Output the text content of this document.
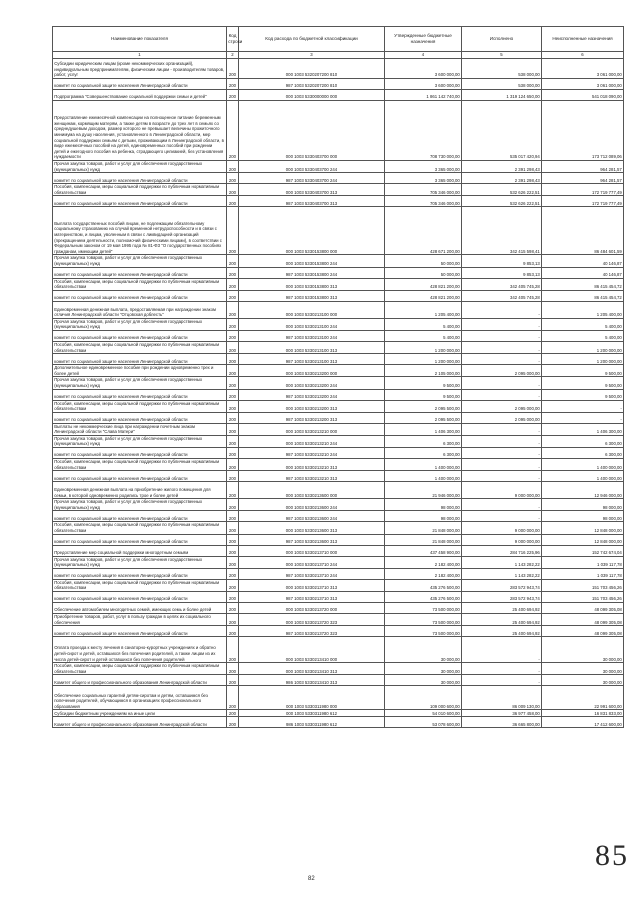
Наименование показателя	Код строки	Код расхода по бюджетной классификации	Утвержденные бюджетные назначения	Исполнено	Неисполненные назначения
1	2	3	4	5	6
Субсидии юридическим лицам (кроме некоммерческих организаций), индивидуальным предпринимателям, физическим лицам - производителям товаров, работ, услуг	200	000 1003 5320207200 810	3 600 000,00	538 000,00	3 061 000,00
комитет по социальной защите населения Ленинградской области	200	987 1003 5320207200 810	3 600 000,00	538 000,00	3 061 000,00
Подпрограмма "Совершенствование социальной поддержки семьи и детей"	200	000 1003 5330000000 000	1 861 142 740,00	1 319 124 650,00	541 018 090,00
Предоставление ежемесячной компенсации на полноценное питание беременным женщинам, кормящим матерям, а также детям в возрасте до трех лет в семьях со среднедушевым доходом, размер которого не превышает величины прожиточного минимума на душу населения, установленного в Ленинградской области, мер социальной поддержки семьям с детьми, проживающим в Ленинградской области, в виде ежемесячных пособий на детей, единовременных пособий при рождении детей и ежегодного пособия на ребенка, страдающего целиакией, без установления нуждаемости	200	000 1003 5330403700 000	708 730 000,00	535 017 420,94	173 712 089,06
Прочая закупка товаров, работ и услуг для обеспечения государственных (муниципальных) нужд	200	000 1003 5330403700 244	3 365 000,00	2 391 298,43	964 281,57
комитет по социальной защите населения Ленинградской области	200	987 1003 5330403700 244	3 365 000,00	2 391 298,43	964 281,57
Пособия, компенсации, меры социальной поддержки по публичным нормативным обязательствам	200	000 1003 5330403700 313	705 346 000,00	532 626 222,51	172 719 777,49
комитет по социальной защите населения Ленинградской области	200	987 1003 5330403700 313	705 346 000,00	532 626 222,51	172 719 777,49
Выплата государственных пособий лицам, не подлежащим обязательному социальному страхованию на случай временной нетрудоспособности и в связи с материнством, и лицам, уволенным в связи с ликвидацией организаций (прекращением деятельности, полномочий физическими лицами), в соответствии с Федеральным законом от 19 мая 1995 года № 81-ФЗ "О государственных пособиях гражданам, имеющим детей"	200	000 1003 5330153800 000	428 671 200,00	342 415 598,41	86 484 601,59
Прочая закупка товаров, работ и услуг для обеспечения государственных (муниципальных) нужд	200	000 1003 5330153800 244	50 000,00	9 853,13	40 146,87
комитет по социальной защите населения Ленинградской области	200	987 1003 5330153800 244	50 000,00	9 853,13	40 146,87
Пособия, компенсации, меры социальной поддержки по публичным нормативным обязательствам	200	000 1003 5330153800 313	428 821 200,00	342 405 745,28	86 415 454,72
комитет по социальной защите населения Ленинградской области	200	987 1003 5330153800 313	428 821 200,00	342 405 745,28	86 415 454,72
Единовременная денежная выплата, предоставляемая при награждении знаком отличия Ленинградской области "Отцовская доблесть"	200	000 1003 5330213100 000	1 205 400,00	-	1 205 400,00
Прочая закупка товаров, работ и услуг для обеспечения государственных (муниципальных) нужд	200	000 1003 5330213100 244	5 400,00	-	5 400,00
комитет по социальной защите населения Ленинградской области	200	987 1003 5330213100 244	5 400,00	-	5 400,00
Пособия, компенсации, меры социальной поддержки по публичным нормативным обязательствам	200	000 1003 5330213100 313	1 200 000,00	-	1 200 000,00
комитет по социальной защите населения Ленинградской области	200	987 1003 5330213100 313	1 200 000,00	-	1 200 000,00
Дополнительное единовременное пособие при рождении одновременно трех и более детей	200	000 1003 5330213200 000	2 105 000,00	2 095 000,00	9 500,00
Прочая закупка товаров, работ и услуг для обеспечения государственных (муниципальных) нужд	200	000 1003 5330213200 244	9 500,00	-	9 500,00
комитет по социальной защите населения Ленинградской области	200	987 1003 5330213200 244	9 500,00	-	9 500,00
Пособия, компенсации, меры социальной поддержки по публичным нормативным обязательствам	200	000 1003 5330213200 313	2 095 500,00	2 095 000,00	-
комитет по социальной защите населения Ленинградской области	200	987 1003 5330213200 313	2 095 500,00	2 095 000,00	-
Выплаты не некоммерческие лица при награждении почетным знаком Ленинградской области "Слава Матери"	200	000 1003 5330213210 000	1 406 300,00	-	1 406 300,00
Прочая закупка товаров, работ и услуг для обеспечения государственных (муниципальных) нужд	200	000 1003 5330213210 244	6 300,00	-	6 300,00
комитет по социальной защите населения Ленинградской области	200	987 1003 5330213210 244	6 300,00	-	6 300,00
Пособия, компенсации, меры социальной поддержки по публичным нормативным обязательствам	200	000 1003 5330213210 313	1 400 000,00	-	1 400 000,00
комитет по социальной защите населения Ленинградской области	200	987 1003 5330213210 313	1 400 000,00	-	1 400 000,00
Единовременная денежная выплата на приобретение жилого помещения для семьи, в которой одновременно родились трое и более детей	200	000 1003 5330213600 000	21 946 000,00	9 000 000,00	12 946 000,00
Прочая закупка товаров, работ и услуг для обеспечения государственных (муниципальных) нужд	200	000 1003 5330213600 244	98 000,00	-	98 000,00
комитет по социальной защите населения Ленинградской области	200	987 1003 5330213600 244	98 000,00	-	98 000,00
Пособия, компенсации, меры социальной поддержки по публичным нормативным обязательствам	200	000 1003 5330213600 313	21 848 000,00	9 000 000,00	12 848 000,00
комитет по социальной защите населения Ленинградской области	200	987 1003 5330213600 313	21 848 000,00	9 000 000,00	12 848 000,00
Предоставление мер социальной поддержки многодетным семьям	200	000 1003 5330213710 000	437 458 900,00	284 716 225,96	152 742 674,04
Прочая закупка товаров, работ и услуг для обеспечения государственных (муниципальных) нужд	200	000 1003 5330213710 244	2 182 400,00	1 143 282,22	1 039 117,78
комитет по социальной защите населения Ленинградской области	200	987 1003 5330213710 244	2 182 400,00	1 143 282,22	1 039 117,78
Пособия, компенсации, меры социальной поддержки по публичным нормативным обязательствам	200	000 1003 5330213710 313	435 276 500,00	283 572 943,74	151 703 456,26
комитет по социальной защите населения Ленинградской области	200	987 1003 5330213710 313	435 276 500,00	283 572 943,74	151 703 456,26
Обеспечение автомобилем многодетных семей, имеющих семь и более детей	200	000 1003 5330213720 000	73 500 000,00	25 400 694,92	48 099 305,08
Приобретение товаров, работ, услуг в пользу граждан в целях их социального обеспечения	200	000 1003 5330213720 323	73 500 000,00	25 400 694,92	48 099 305,08
комитет по социальной защите населения Ленинградской области	200	987 1003 5330213720 323	73 500 000,00	25 400 694,92	48 099 305,08
Оплата проезда к месту лечения в санаторно-курортных учреждениях и обратно детей-сирот и детей, оставшихся без попечения родителей, а также лицам из их числа детей-сирот и детей оставшихся без попечения родителей	200	000 1003 5330213410 000	30 000,00	-	30 000,00
Пособия, компенсации, меры социальной поддержки по публичным нормативным обязательствам	200	000 1003 5330213410 313	30 000,00	-	30 000,00
Комитет общего и профессионального образования Ленинградской области	200	986 1003 5330213410 313	30 000,00	-	30 000,00
Обеспечение социальных гарантий детям-сиротам и детям, оставшимся без попечения родителей, обучающимся в организациях профессионального образования	200	000 1003 5330311980 000	109 000 600,00	86 009 130,00	22 991 600,00
Субсидии бюджетным учреждениям на иные цели	200	000 1003 5330311980 612	54 010 600,00	36 977 458,00	16 831 833,00
Комитет общего и профессионального образования Ленинградской области	200	986 1003 5330311980 612	53 078 600,00	36 665 800,00	17 412 600,00
82
85
